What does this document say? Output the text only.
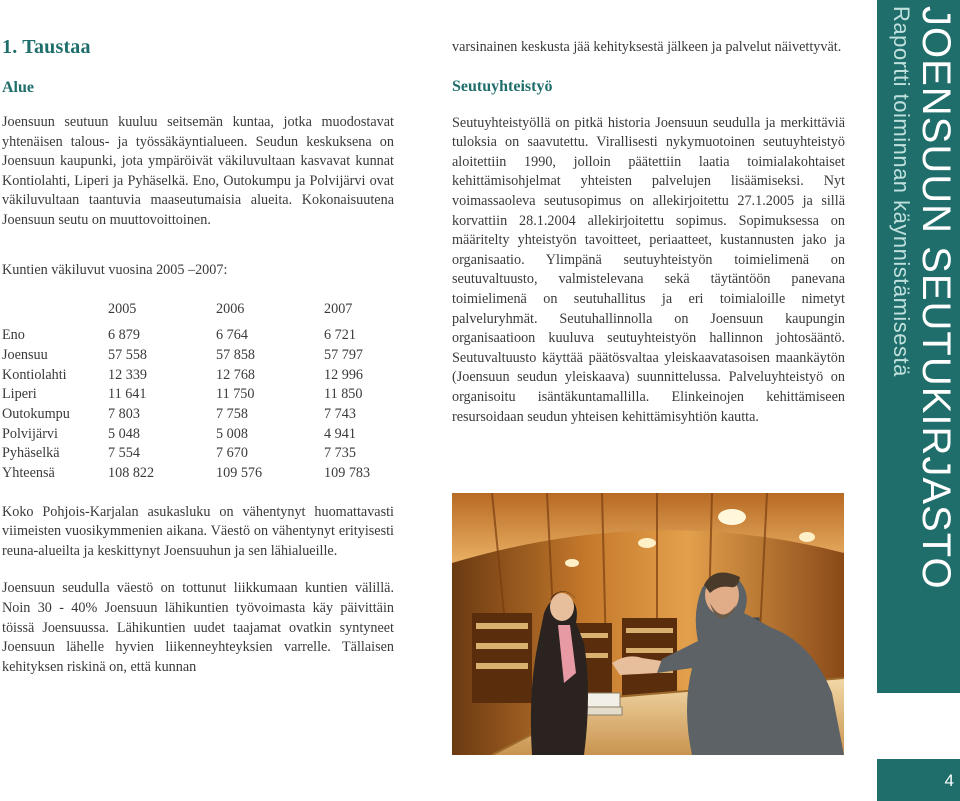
1. Taustaa
Alue

Joensuun seutuun kuuluu seitsemän kuntaa, jotka muodostavat yhtenäisen talous- ja työssäkäyntialueen. Seudun keskuksena on Joensuun kaupunki, jota ympäröivät väkiluvultaan kasvavat kunnat Kontiolahti, Liperi ja Pyhäselkä. Eno, Outokumpu ja Polvijärvi ovat väkiluvultaan taantuvia maaseutumaisia alueita. Kokonaisuutena Joensuun seutu on muuttovoittoinen.

Kuntien väkiluvut vuosina 2005 –2007:

	2005	2006	2007
Eno	6 879	6 764	6 721
Joensuu	57 558	57 858	57 797
Kontiolahti	12 339	12 768	12 996
Liperi	11 641	11 750	11 850
Outokumpu	7 803	7 758	7 743
Polvijärvi	5 048	5 008	4 941
Pyhäselkä	7 554	7 670	7 735
Yhteensä	108 822	109 576	109 783

Koko Pohjois-Karjalan asukasluku on vähentynyt huomattavasti viimeisten vuosikymmenien aikana. Väestö on vähentynyt erityisesti reuna-alueilta ja keskittynyt Joensuuhun ja sen lähialueille.

Joensuun seudulla väestö on tottunut liikkumaan kuntien välillä. Noin 30 - 40% Joensuun lähikuntien työvoimasta käy päivittäin töissä Joensuussa. Lähikuntien uudet taajamat ovatkin syntyneet Joensuun lähelle hyvien liikenneyhteyksien varrelle. Tällaisen kehityksen riskinä on, että kunnan

varsinainen keskusta jää kehityksestä jälkeen ja palvelut näivettyvät.

Seutuyhteistyö

Seutuyhteistyöllä on pitkä historia Joensuun seudulla ja merkittäviä tuloksia on saavutettu. Virallisesti nykymuotoinen seutuyhteistyö aloitettiin 1990, jolloin päätettiin laatia toimialakohtaiset kehittämisohjelmat yhteisten palvelujen lisäämiseksi. Nyt voimassaoleva seutusopimus on allekirjoitettu 27.1.2005 ja sillä korvattiin 28.1.2004 allekirjoitettu sopimus. Sopimuksessa on määritelty yhteistyön tavoitteet, periaatteet, kustannusten jako ja organisaatio. Ylimpänä seutuyhteistyön toimielimenä on seutuvaltuusto, valmistelevana sekä täytäntöön panevana toimielimenä on seutuhallitus ja eri toimialoille nimetyt palveluryhmät. Seutuhallinnolla on Joensuun kaupungin organisaatioon kuuluva seutuyhteistyön hallinnon johtosääntö. Seutuvaltuusto käyttää päätösvaltaa yleiskaavatasoisen maankäytön (Joensuun seudun yleiskaava) suunnittelussa. Palveluyhteistyö on organisoitu isäntäkuntamallilla. Elinkeinojen kehittämiseen resursoidaan seudun yhteisen kehittämisyhtiön kautta.	JOENSUUN SEUTUKIRJASTO
Raportti toiminnan käynnistämisestä
4
